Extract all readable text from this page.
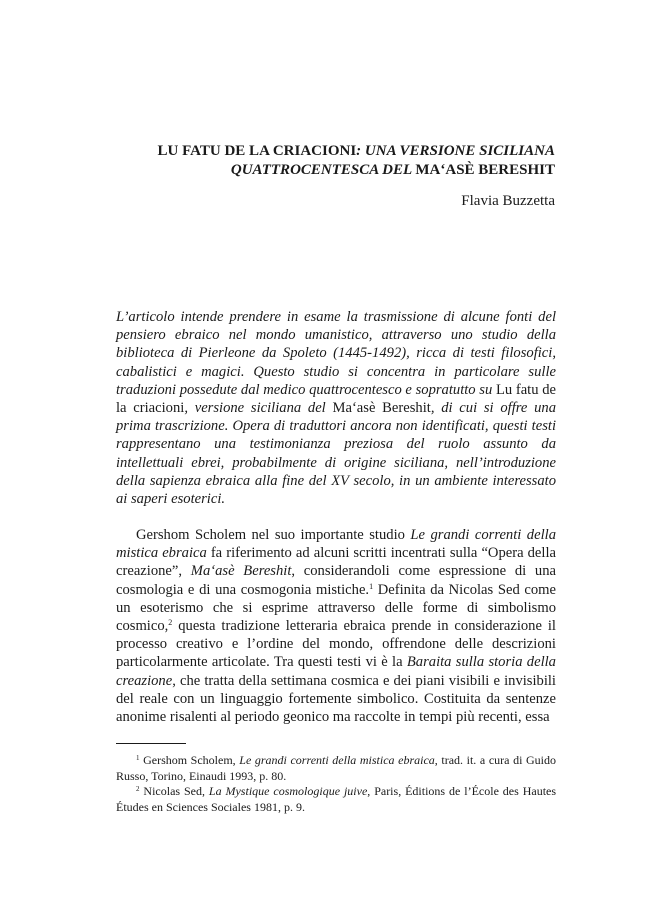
LU FATU DE LA CRIACIONI: UNA VERSIONE SICILIANA
QUATTROCENTESCA DEL MA‘ASÈ BERESHIT
Flavia Buzzetta
L’articolo intende prendere in esame la trasmissione di alcune fonti del pensiero ebraico nel mondo umanistico, attraverso uno studio della biblioteca di Pierleone da Spoleto (1445-1492), ricca di testi filosofici, cabalistici e magici. Questo studio si concentra in particolare sulle traduzioni possedute dal medico quattrocentesco e sopratutto su Lu fatu de la criacioni, versione siciliana del Ma‘asè Bereshit, di cui si offre una prima trascrizione. Opera di traduttori ancora non identificati, questi testi rappresentano una testimonianza preziosa del ruolo assunto da intellettuali ebrei, probabilmente di origine siciliana, nell’introduzione della sapienza ebraica alla fine del XV secolo, in un ambiente interessato ai saperi esoterici.
Gershom Scholem nel suo importante studio Le grandi correnti della mistica ebraica fa riferimento ad alcuni scritti incentrati sulla “Opera della creazione”, Ma‘asè Bereshit, considerandoli come espressione di una cosmologia e di una cosmogonia mistiche.$^1$ Definita da Nicolas Sed come un esoterismo che si esprime attraverso delle forme di simbolismo cosmico,$^2$ questa tradizione letteraria ebraica prende in considerazione il processo creativo e l’ordine del mondo, offrendone delle descrizioni particolarmente articolate. Tra questi testi vi è la Baraita sulla storia della creazione, che tratta della settimana cosmica e dei piani visibili e invisibili del reale con un linguaggio fortemente simbolico. Costituita da sentenze anonime risalenti al periodo geonico ma raccolte in tempi più recenti, essa

$^1$ Gershom Scholem, Le grandi correnti della mistica ebraica, trad. it. a cura di Guido Russo, Torino, Einaudi 1993, p. 80.

$^2$ Nicolas Sed, La Mystique cosmologique juive, Paris, Éditions de l’École des Hautes Études en Sciences Sociales 1981, p. 9.
